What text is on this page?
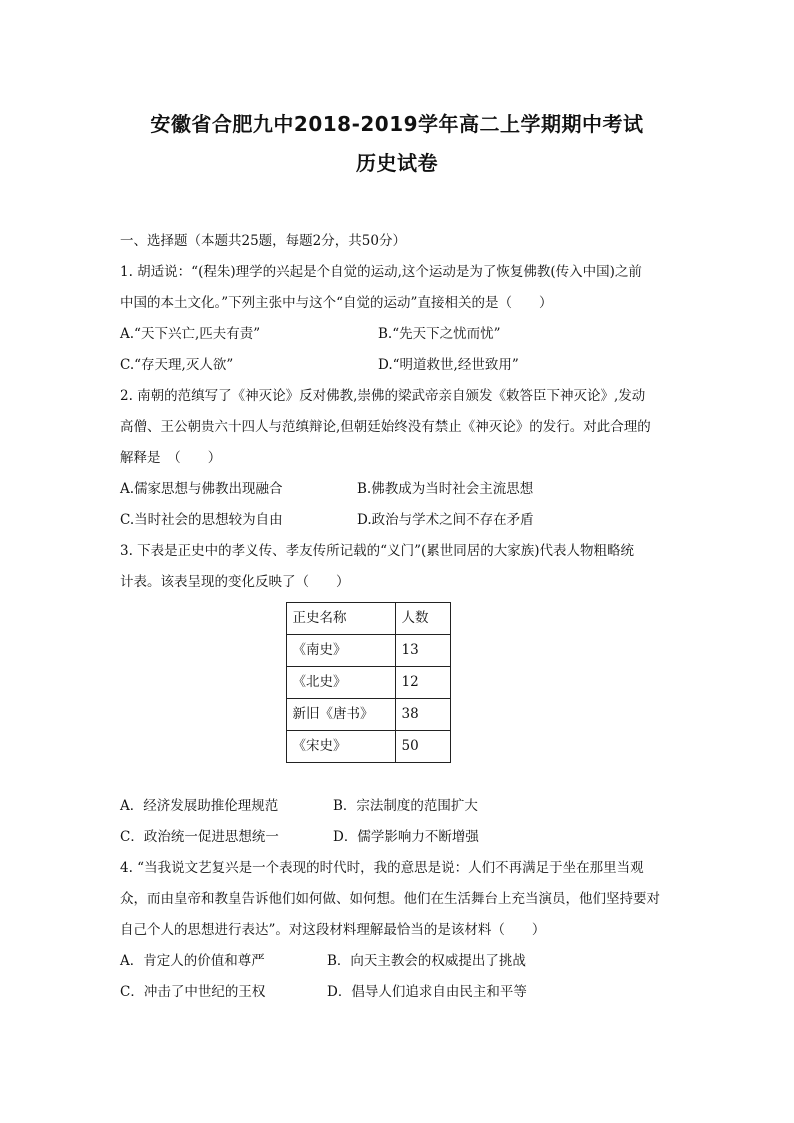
安徽省合肥九中2018-2019学年高二上学期期中考试
历史试卷
一、选择题（本题共25题，每题2分，共50分）
1. 胡适说：“(程朱)理学的兴起是个自觉的运动,这个运动是为了恢复佛教(传入中国)之前
中国的本土文化。”下列主张中与这个“自觉的运动”直接相关的是（　　）
A.“天下兴亡,匹夫有责”	B.“先天下之忧而忧”
C.“存天理,灭人欲”	D.“明道救世,经世致用”
2. 南朝的范缜写了《神灭论》反对佛教,崇佛的梁武帝亲自颁发《敕答臣下神灭论》,发动
高僧、王公朝贵六十四人与范缜辩论,但朝廷始终没有禁止《神灭论》的发行。对此合理的
解释是　（　　）
A.儒家思想与佛教出现融合	B.佛教成为当时社会主流思想
C.当时社会的思想较为自由	D.政治与学术之间不存在矛盾
3. 下表是正史中的孝义传、孝友传所记载的“义门”(累世同居的大家族)代表人物粗略统
计表。该表呈现的变化反映了（　　）
正史名称	人数
《南史》	13
《北史》	12
新旧《唐书》	38
《宋史》	50
A．经济发展助推伦理规范	B．宗法制度的范围扩大
C．政治统一促进思想统一	D．儒学影响力不断增强
4. “当我说文艺复兴是一个表现的时代时，我的意思是说：人们不再满足于坐在那里当观
众，而由皇帝和教皇告诉他们如何做、如何想。他们在生活舞台上充当演员，他们坚持要对
自己个人的思想进行表达”。对这段材料理解最恰当的是该材料（　　）
A．肯定人的价值和尊严	B．向天主教会的权威提出了挑战
C．冲击了中世纪的王权	D．倡导人们追求自由民主和平等
